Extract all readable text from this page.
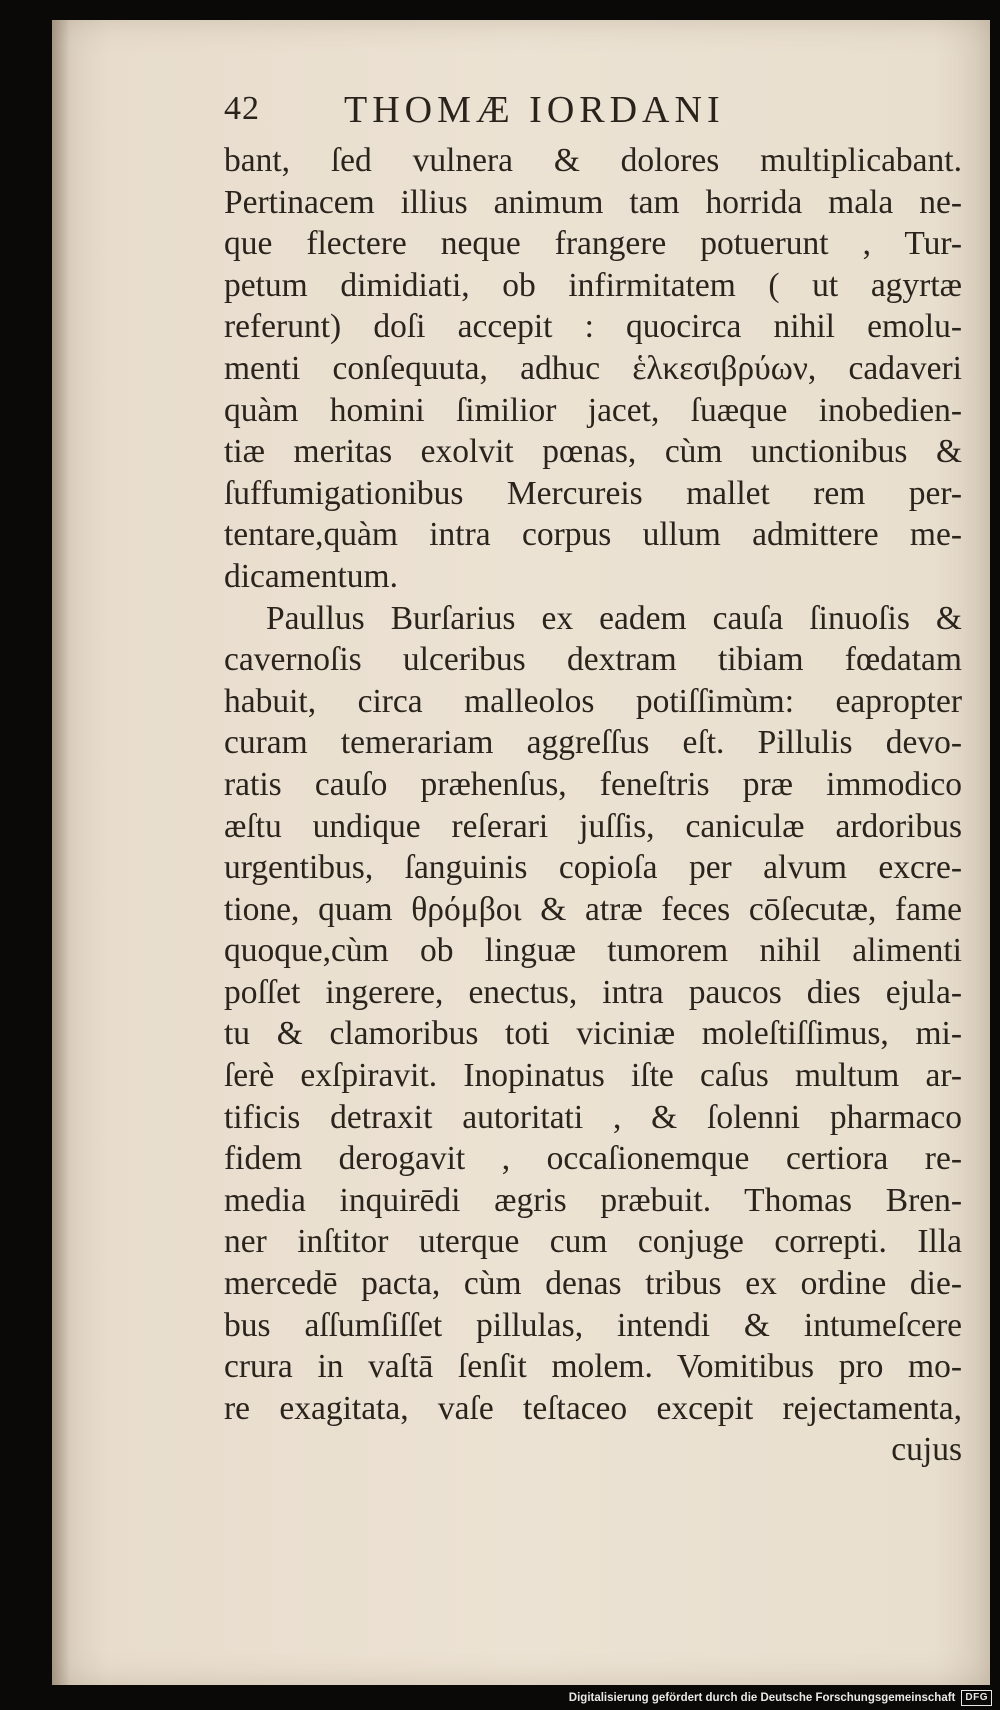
42 THOMÆ IORDANI
bant, ſed vulnera & dolores multiplicabant.
Pertinacem illius animum tam horrida mala ne-
que flectere neque frangere potuerunt , Tur-
petum dimidiati, ob infirmitatem ( ut agyrtæ
referunt) doſi accepit : quocirca nihil emolu-
menti conſequuta, adhuc ἑλκεσιβρύων, cadaveri
quàm homini ſimilior jacet, ſuæque inobedien-
tiæ meritas exolvit pœnas, cùm unctionibus &
ſuffumigationibus Mercureis mallet rem per-
tentare,quàm intra corpus ullum admittere me-
dicamentum.
Paullus Burſarius ex eadem cauſa ſinuoſis &
cavernoſis ulceribus dextram tibiam fœdatam
habuit, circa malleolos potiſſimùm: eapropter
curam temerariam aggreſſus eſt. Pillulis devo-
ratis cauſo præhenſus, feneſtris præ immodico
æſtu undique reſerari juſſis, caniculæ ardoribus
urgentibus, ſanguinis copioſa per alvum excre-
tione, quam θρόμβοι & atræ feces cōſecutæ, fame
quoque,cùm ob linguæ tumorem nihil alimenti
poſſet ingerere, enectus, intra paucos dies ejula-
tu & clamoribus toti viciniæ moleſtiſſimus, mi-
ſerè exſpiravit. Inopinatus iſte caſus multum ar-
tificis detraxit autoritati , & ſolenni pharmaco
fidem derogavit , occaſionemque certiora re-
media inquirēdi ægris præbuit. Thomas Bren-
ner inſtitor uterque cum conjuge correpti. Illa
mercedē pacta, cùm denas tribus ex ordine die-
bus aſſumſiſſet pillulas, intendi & intumeſcere
crura in vaſtā ſenſit molem. Vomitibus pro mo-
re exagitata, vaſe teſtaceo excepit rejectamenta,
cujus
Digitalisierung gefördert durch die Deutsche Forschungsgemeinschaft	DFG
